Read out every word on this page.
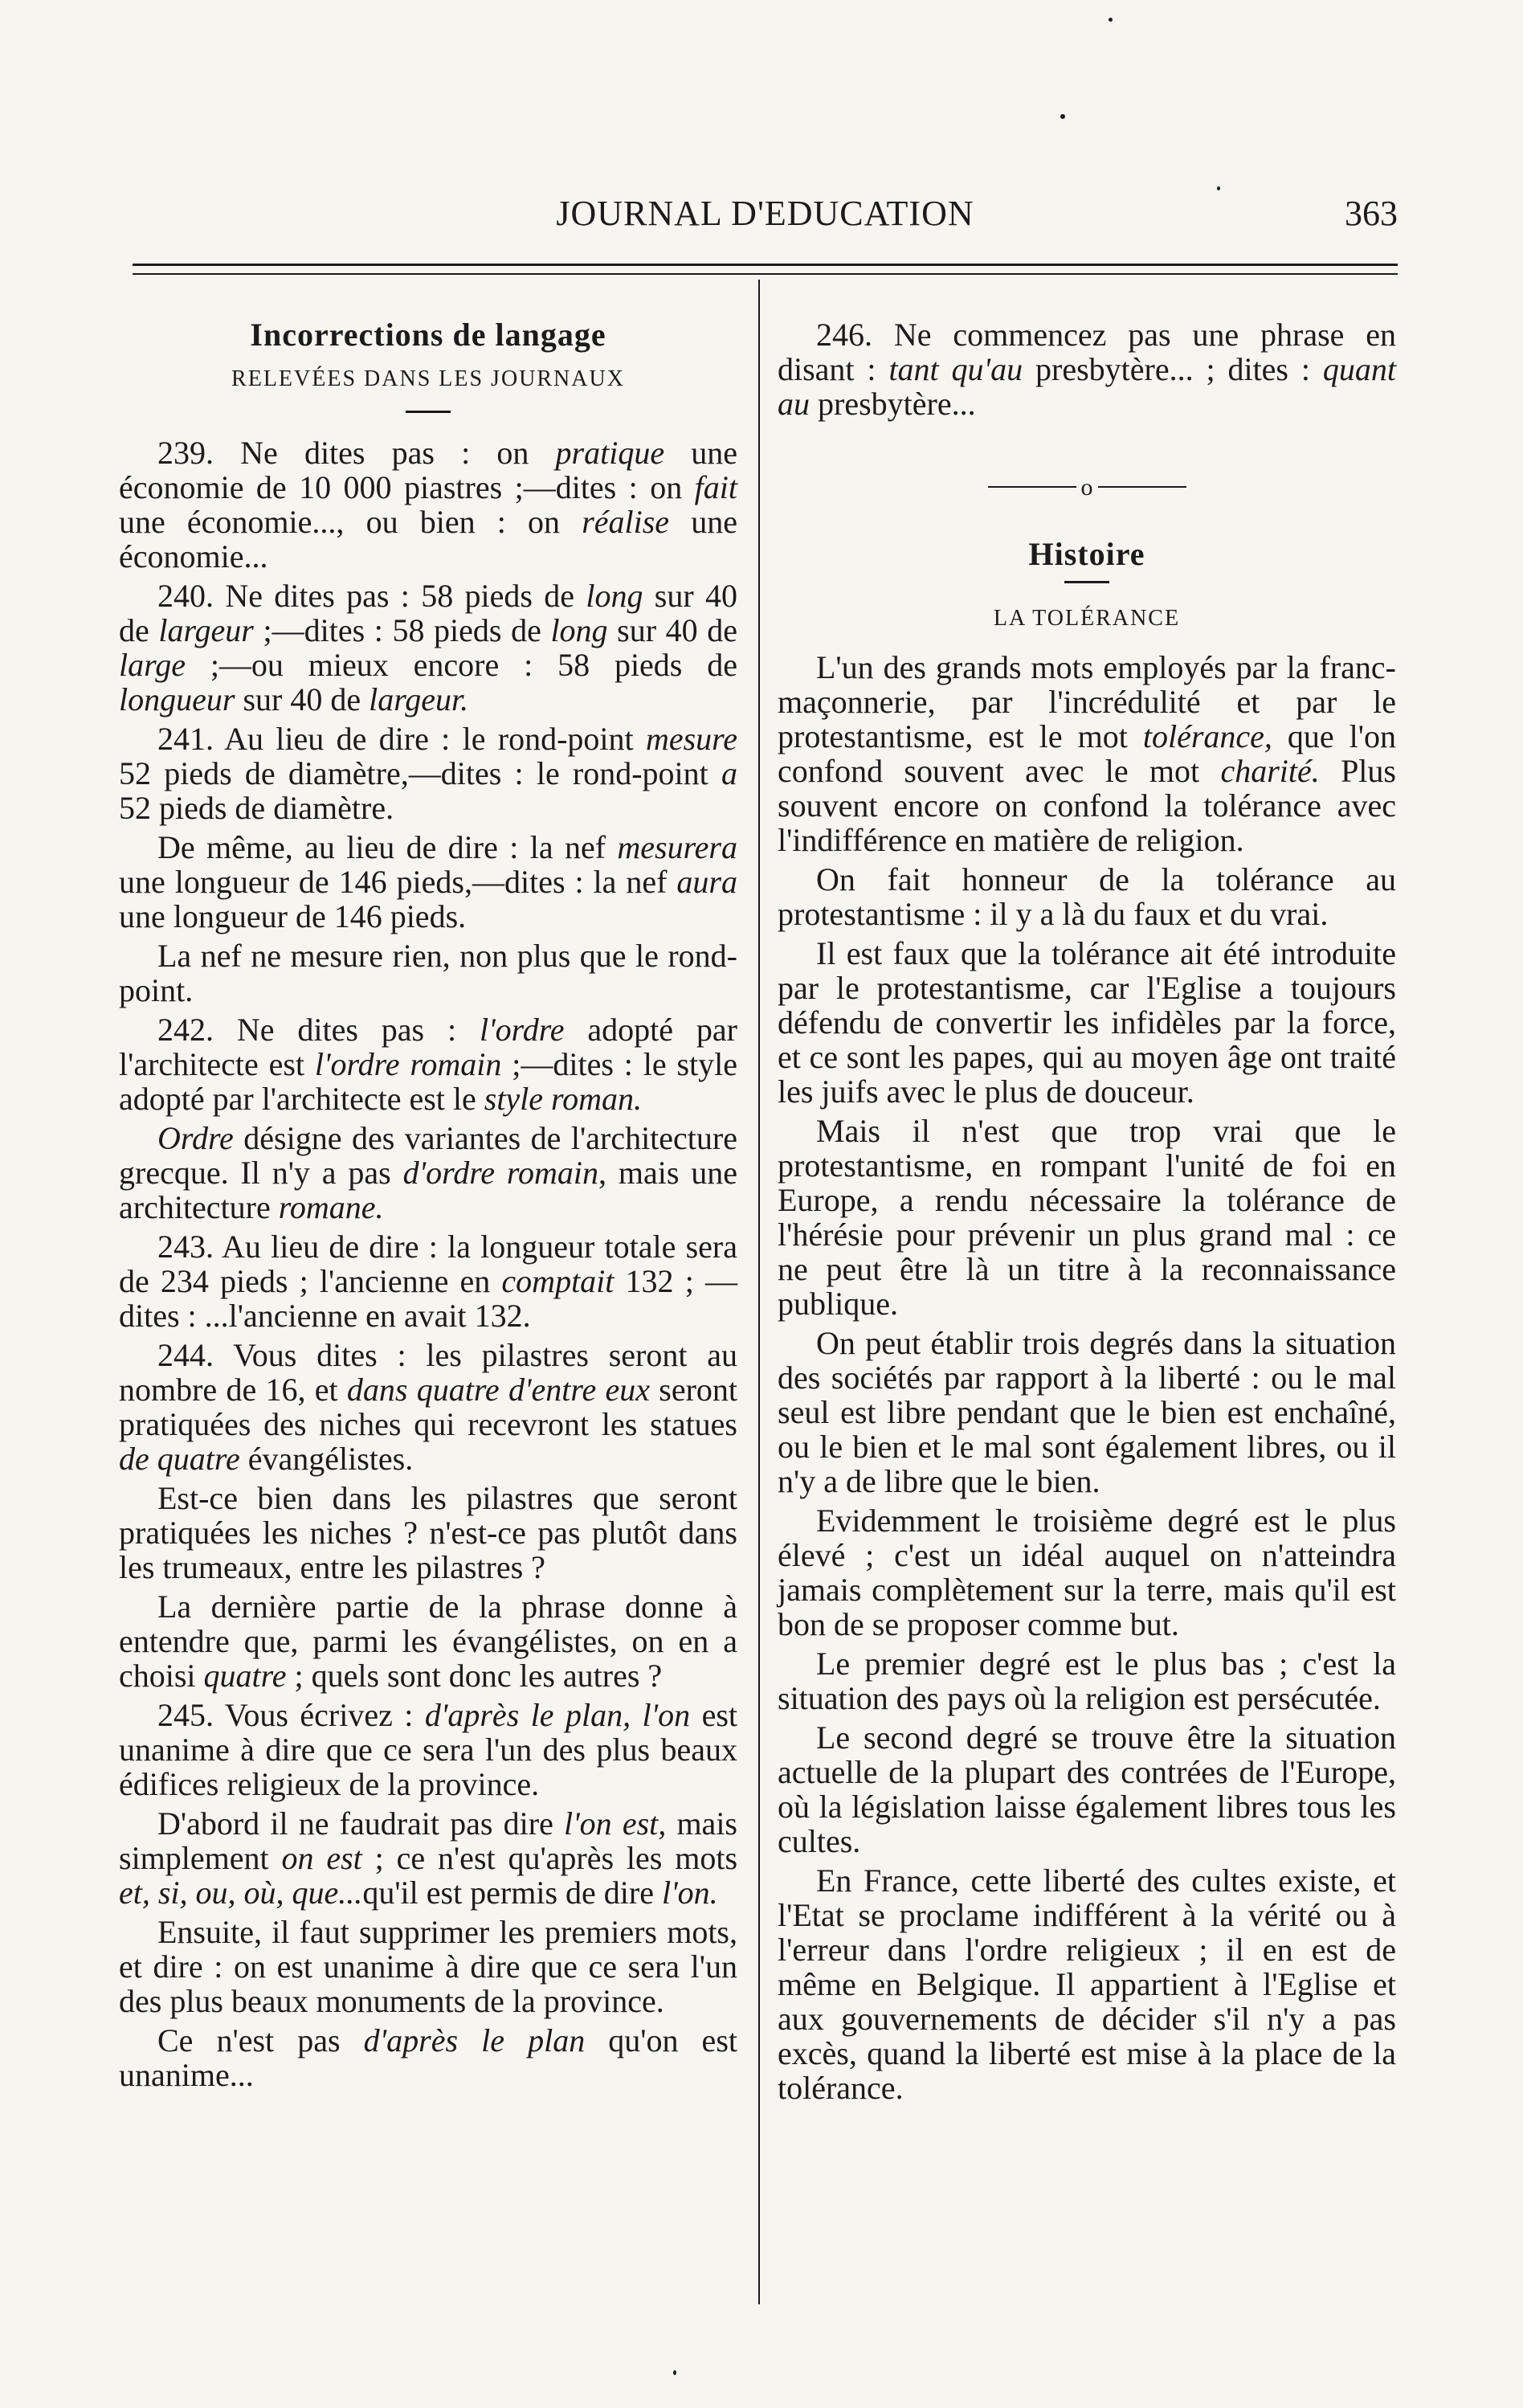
JOURNAL D'EDUCATION	363
Incorrections de langage
RELEVÉES DANS LES JOURNAUX

239. Ne dites pas : on pratique une économie de 10 000 piastres ;—dites : on fait une économie..., ou bien : on réalise une économie...

240. Ne dites pas : 58 pieds de long sur 40 de largeur ;—dites : 58 pieds de long sur 40 de large ;—ou mieux encore : 58 pieds de longueur sur 40 de largeur.

241. Au lieu de dire : le rond-point mesure 52 pieds de diamètre,—dites : le rond-point a 52 pieds de diamètre.

De même, au lieu de dire : la nef mesurera une longueur de 146 pieds,—dites : la nef aura une longueur de 146 pieds.

La nef ne mesure rien, non plus que le rond-point.

242. Ne dites pas : l'ordre adopté par l'architecte est l'ordre romain ;—dites : le style adopté par l'architecte est le style roman.

Ordre désigne des variantes de l'architecture grecque. Il n'y a pas d'ordre romain, mais une architecture romane.

243. Au lieu de dire : la longueur totale sera de 234 pieds ; l'ancienne en comptait 132 ; —dites : ...l'ancienne en avait 132.

244. Vous dites : les pilastres seront au nombre de 16, et dans quatre d'entre eux seront pratiquées des niches qui recevront les statues de quatre évangélistes.

Est-ce bien dans les pilastres que seront pratiquées les niches ? n'est-ce pas plutôt dans les trumeaux, entre les pilastres ?

La dernière partie de la phrase donne à entendre que, parmi les évangélistes, on en a choisi quatre ; quels sont donc les autres ?

245. Vous écrivez : d'après le plan, l'on est unanime à dire que ce sera l'un des plus beaux édifices religieux de la province.

D'abord il ne faudrait pas dire l'on est, mais simplement on est ; ce n'est qu'après les mots et, si, ou, où, que...qu'il est permis de dire l'on.

Ensuite, il faut supprimer les premiers mots, et dire : on est unanime à dire que ce sera l'un des plus beaux monuments de la province.

Ce n'est pas d'après le plan qu'on est unanime...

246. Ne commencez pas une phrase en disant : tant qu'au presbytère... ; dites : quant au presbytère...

o
Histoire
LA TOLÉRANCE

L'un des grands mots employés par la franc-maçonnerie, par l'incrédulité et par le protestantisme, est le mot tolérance, que l'on confond souvent avec le mot charité. Plus souvent encore on confond la tolérance avec l'indifférence en matière de religion.

On fait honneur de la tolérance au protestantisme : il y a là du faux et du vrai.

Il est faux que la tolérance ait été introduite par le protestantisme, car l'Eglise a toujours défendu de convertir les infidèles par la force, et ce sont les papes, qui au moyen âge ont traité les juifs avec le plus de douceur.

Mais il n'est que trop vrai que le protestantisme, en rompant l'unité de foi en Europe, a rendu nécessaire la tolérance de l'hérésie pour prévenir un plus grand mal : ce ne peut être là un titre à la reconnaissance publique.

On peut établir trois degrés dans la situation des sociétés par rapport à la liberté : ou le mal seul est libre pendant que le bien est enchaîné, ou le bien et le mal sont également libres, ou il n'y a de libre que le bien.

Evidemment le troisième degré est le plus élevé ; c'est un idéal auquel on n'atteindra jamais complètement sur la terre, mais qu'il est bon de se proposer comme but.

Le premier degré est le plus bas ; c'est la situation des pays où la religion est persécutée.

Le second degré se trouve être la situation actuelle de la plupart des contrées de l'Europe, où la législation laisse également libres tous les cultes.

En France, cette liberté des cultes existe, et l'Etat se proclame indifférent à la vérité ou à l'erreur dans l'ordre religieux ; il en est de même en Belgique. Il appartient à l'Eglise et aux gouvernements de décider s'il n'y a pas excès, quand la liberté est mise à la place de la tolérance.
